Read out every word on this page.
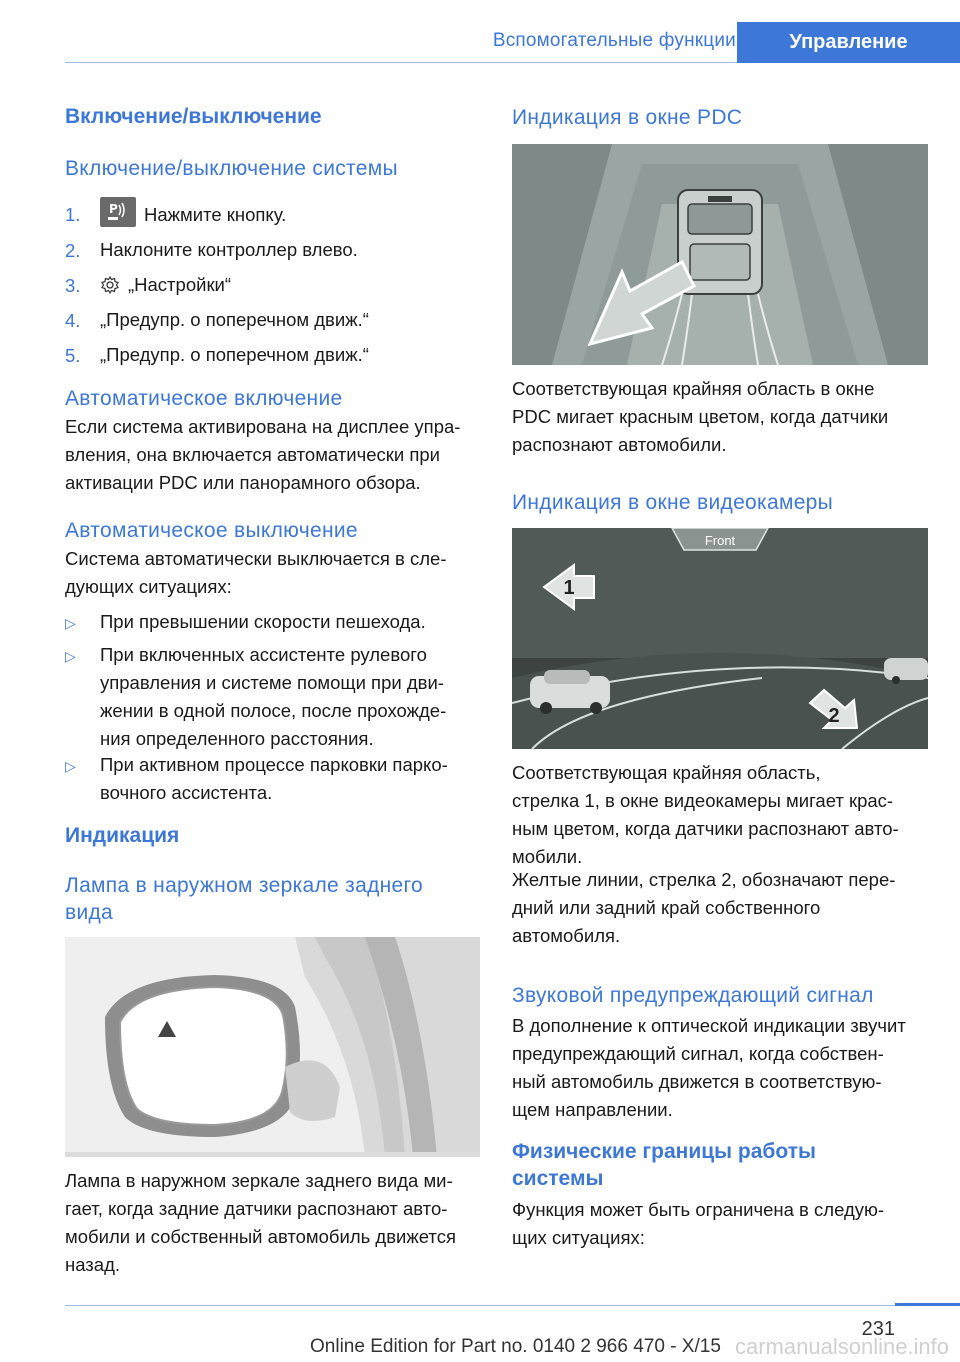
Вспомогательные функции	Управление
Включение/выключение
Включение/выключение системы
1. P Нажмите кнопку.
2. Наклоните контроллер влево.
3.	„Настройки“
4. „Предупр. о поперечном движ.“
5. „Предупр. о поперечном движ.“
Автоматическое включение
Если система активирована на дисплее упра-
вления, она включается автоматически при
активации PDC или панорамного обзора.
Автоматическое выключение
Система автоматически выключается в сле-
дующих ситуациях:
▷ При превышении скорости пешехода.
▷ При включенных ассистенте рулевого
управления и системе помощи при дви-
жении в одной полосе, после прохожде-
ния определенного расстояния.
▷ При активном процессе парковки парко-
вочного ассистента.
Индикация
Лампа в наружном зеркале заднего
вида
Лампа в наружном зеркале заднего вида ми-
гает, когда задние датчики распознают авто-
мобили и собственный автомобиль движется
назад.
Индикация в окне PDC
Соответствующая крайняя область в окне
PDC мигает красным цветом, когда датчики
распознают автомобили.
Индикация в окне видеокамеры
Front
1
2
Соответствующая крайняя область,
стрелка 1, в окне видеокамеры мигает крас-
ным цветом, когда датчики распознают авто-
мобили.
Желтые линии, стрелка 2, обозначают пере-
дний или задний край собственного
автомобиля.
Звуковой предупреждающий сигнал
В дополнение к оптической индикации звучит
предупреждающий сигнал, когда собствен-
ный автомобиль движется в соответствую-
щем направлении.
Физические границы работы
системы
Функция может быть ограничена в следую-
щих ситуациях:
231
Online Edition for Part no. 0140 2 966 470 - X/15 carmanualsonline.info
